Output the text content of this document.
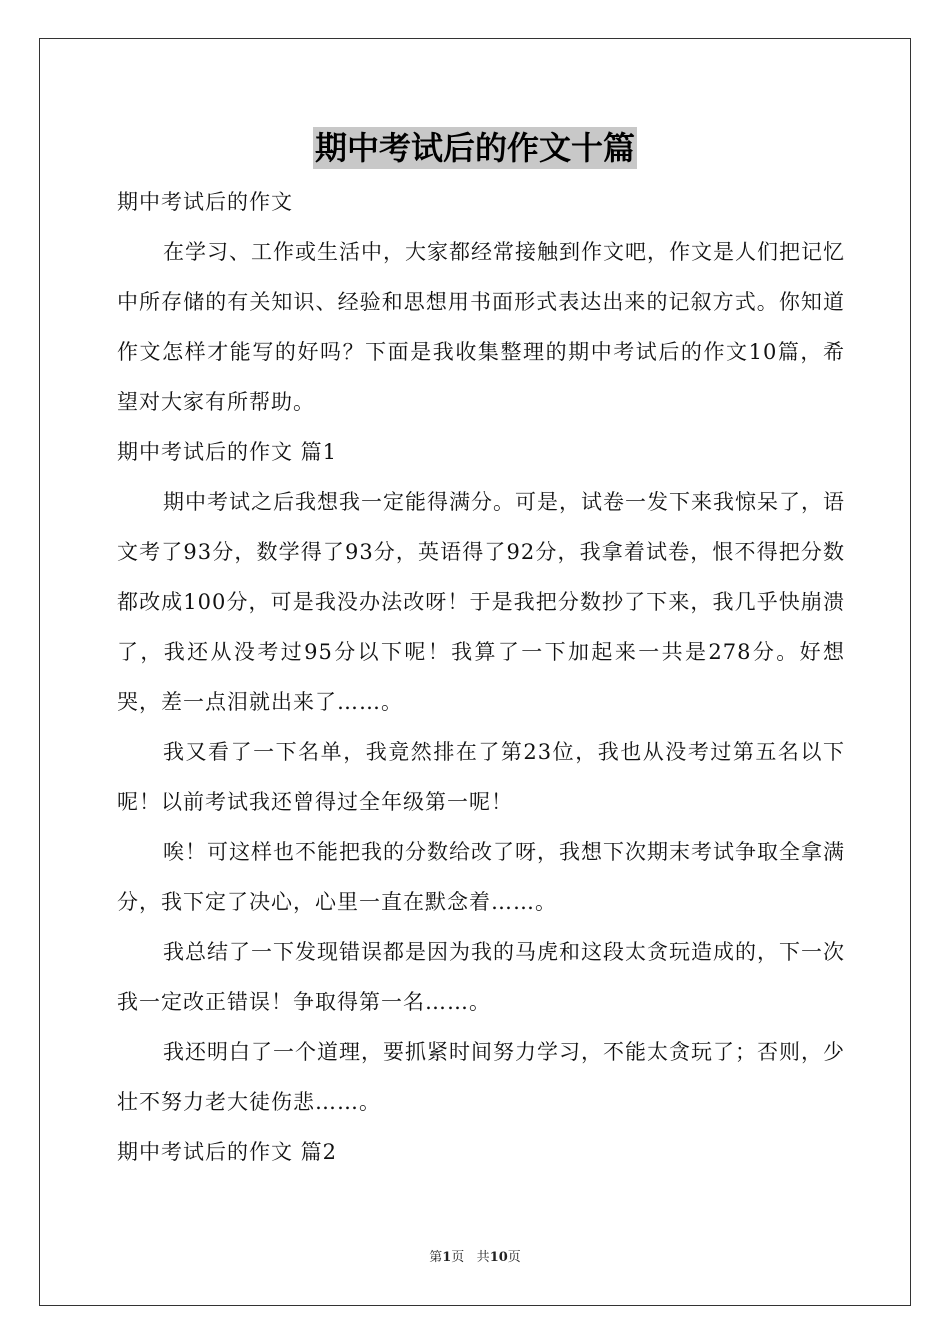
期中考试后的作文十篇

期中考试后的作文

在学习、工作或生活中，大家都经常接触到作文吧，作文是人们把记忆中所存储的有关知识、经验和思想用书面形式表达出来的记叙方式。你知道作文怎样才能写的好吗？下面是我收集整理的期中考试后的作文10篇，希望对大家有所帮助。

期中考试后的作文 篇1

期中考试之后我想我一定能得满分。可是，试卷一发下来我惊呆了，语文考了93分，数学得了93分，英语得了92分，我拿着试卷，恨不得把分数都改成100分，可是我没办法改呀！于是我把分数抄了下来，我几乎快崩溃了，我还从没考过95分以下呢！我算了一下加起来一共是278分。好想哭，差一点泪就出来了……。

我又看了一下名单，我竟然排在了第23位，我也从没考过第五名以下呢！以前考试我还曾得过全年级第一呢！

唉！可这样也不能把我的分数给改了呀，我想下次期末考试争取全拿满分，我下定了决心，心里一直在默念着……。

我总结了一下发现错误都是因为我的马虎和这段太贪玩造成的，下一次我一定改正错误！争取得第一名……。

我还明白了一个道理，要抓紧时间努力学习，不能太贪玩了；否则，少壮不努力老大徒伤悲……。

期中考试后的作文 篇2

第1页 共10页
